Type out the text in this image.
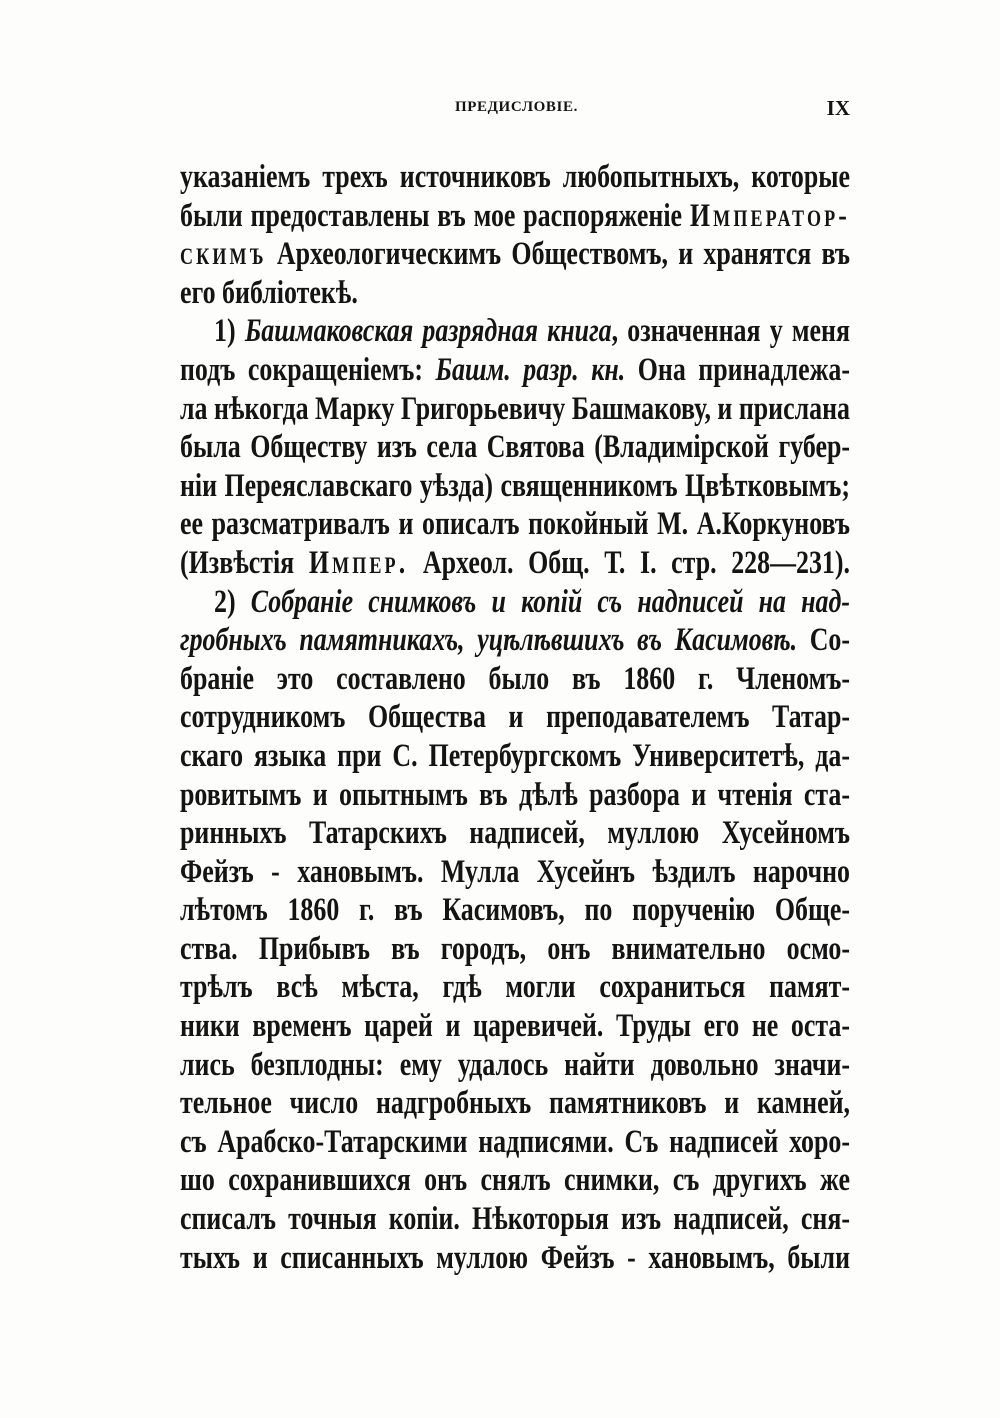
ПРЕДИСЛОВІЕ.	IX
указаніемъ трехъ источниковъ любопытныхъ, которые
были предоставлены въ мое распоряженіе Император-
скимъ Археологическимъ Обществомъ, и хранятся въ
его библіотекѣ.
1) Башмаковская разрядная книга, означенная у меня
подъ сокращеніемъ: Башм. разр. кн. Она принадлежа-
ла нѣкогда Марку Григорьевичу Башмакову, и прислана
была Обществу изъ села Святова (Владимірской губер-
ніи Переяславскаго уѣзда) священникомъ Цвѣтковымъ;
ее разсматривалъ и описалъ покойный М. А.Коркуновъ
(Извѣстія Импер. Археол. Общ. Т. I. стр. 228—231).
2) Собраніе снимковъ и копій съ надписей на над-
гробныхъ памятникахъ, уцѣлѣвшихъ въ Касимовѣ. Со-
браніе это составлено было въ 1860 г. Членомъ-
сотрудникомъ Общества и преподавателемъ Татар-
скаго языка при С. Петербургскомъ Университетѣ, да-
ровитымъ и опытнымъ въ дѣлѣ разбора и чтенія ста-
ринныхъ Татарскихъ надписей, муллою Хусейномъ
Фейзъ - хановымъ. Мулла Хусейнъ ѣздилъ нарочно
лѣтомъ 1860 г. въ Касимовъ, по порученію Обще-
ства. Прибывъ въ городъ, онъ внимательно осмо-
трѣлъ всѣ мѣста, гдѣ могли сохраниться памят-
ники временъ царей и царевичей. Труды его не оста-
лись безплодны: ему удалось найти довольно значи-
тельное число надгробныхъ памятниковъ и камней,
съ Арабско-Татарскими надписями. Съ надписей хоро-
шо сохранившихся онъ снялъ снимки, съ другихъ же
списалъ точныя копіи. Нѣкоторыя изъ надписей, сня-
тыхъ и списанныхъ муллою Фейзъ - хановымъ, были
